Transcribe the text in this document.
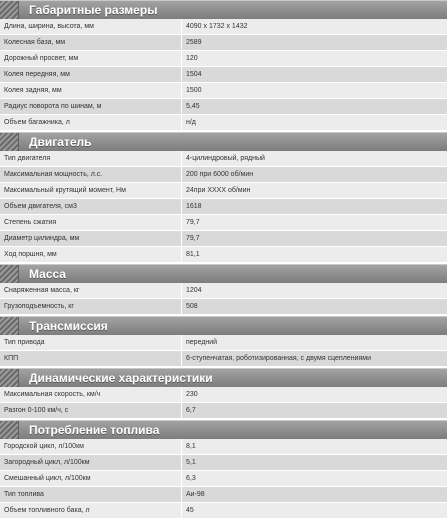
Габаритные размеры
Длина, ширина, высота, мм	4090 x 1732 x 1432
Колесная база, мм	2589
Дорожный просвет, мм	120
Колея передняя, мм	1504
Колея задняя, мм	1500
Радиус поворота по шинам, м	5,45
Объем багажника, л	н/д
Двигатель
Тип двигателя	4-цилиндровый, рядный
Максимальная мощность, л.с.	200 при 6000 об/мин
Максимальный крутящий момент, Нм	24при XXXX об/мин
Объем двигателя, см3	1618
Степень сжатия	79,7
Диаметр цилиндра, мм	79,7
Ход поршня, мм	81,1
Масса
Снаряженная масса, кг	1204
Грузоподъемность, кг	508
Трансмиссия
Тип привода	передний
КПП	6-ступенчатая, роботизированная, с двумя сцеплениями
Динамические характеристики
Максимальная скорость, км/ч	230
Разгон 0-100 км/ч, с	6,7
Потребление топлива
Городской цикл, л/100км	8,1
Загородный цикл, л/100км	5,1
Смешанный цикл, л/100км	6,3
Тип топлива	Аи-98
Объем топливного бака, л	45
